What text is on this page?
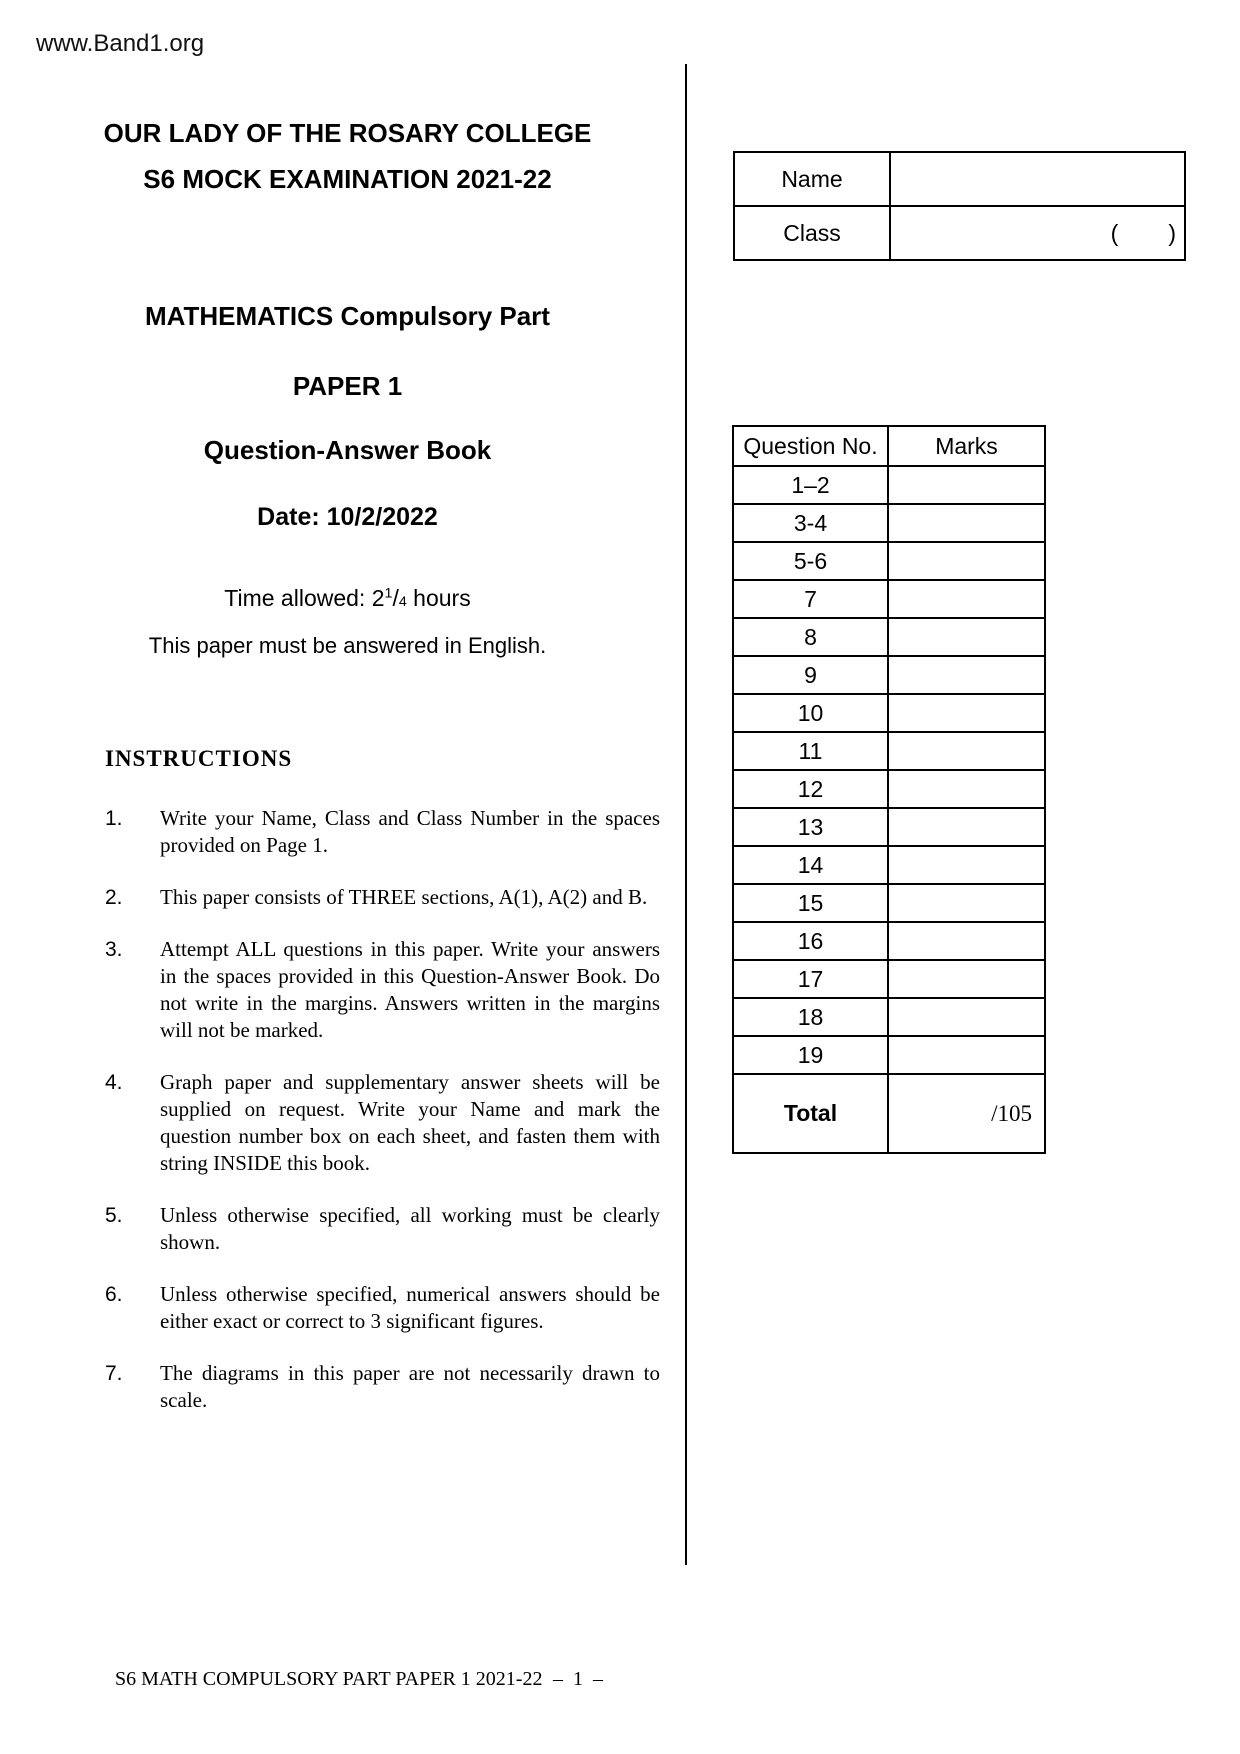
www.Band1.org
OUR LADY OF THE ROSARY COLLEGE
S6 MOCK EXAMINATION 2021-22
MATHEMATICS Compulsory Part
PAPER 1
Question-Answer Book
Date: 10/2/2022
Time allowed: $2^1/4$ hours
This paper must be answered in English.
Name	
Class	( )
Question No.	Marks
1–2	
3-4	
5-6	
7	
8	
9	
10	
11	
12	
13	
14	
15	
16	
17	
18	
19	
Total	/105
INSTRUCTIONS
1.	Write your Name, Class and Class Number in the spaces provided on Page 1.
2.	This paper consists of THREE sections, A(1), A(2) and B.
3.	Attempt ALL questions in this paper. Write your answers in the spaces provided in this Question-Answer Book. Do not write in the margins. Answers written in the margins will not be marked.
4.	Graph paper and supplementary answer sheets will be supplied on request. Write your Name and mark the question number box on each sheet, and fasten them with string INSIDE this book.
5.	Unless otherwise specified, all working must be clearly shown.
6.	Unless otherwise specified, numerical answers should be either exact or correct to 3 significant figures.
7.	The diagrams in this paper are not necessarily drawn to scale.
S6 MATH COMPULSORY PART PAPER 1 2021-22 –  1  –
